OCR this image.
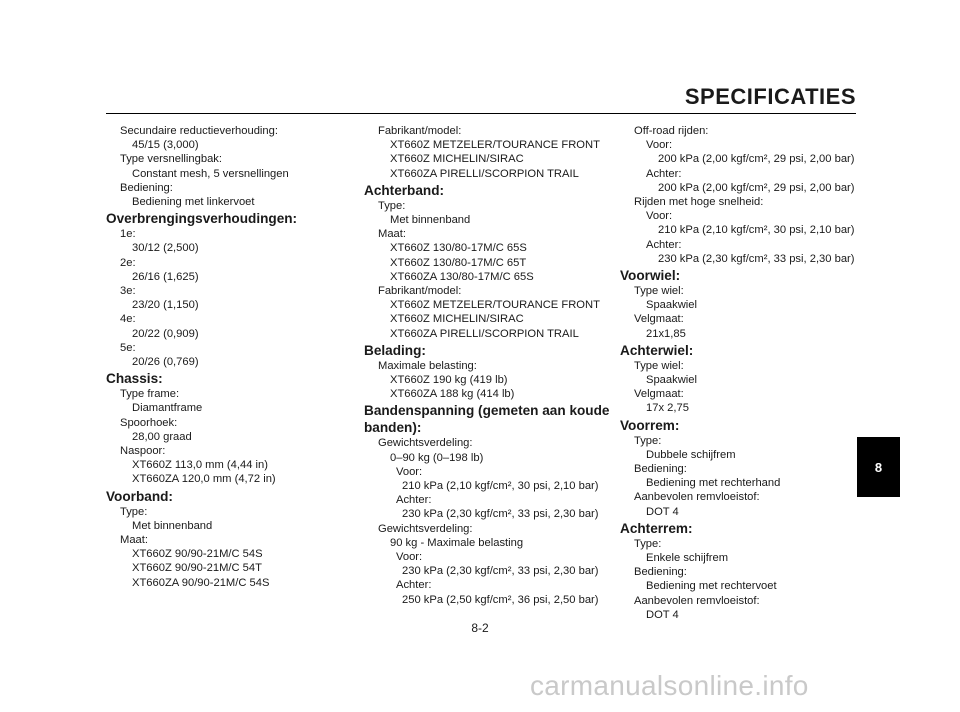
SPECIFICATIES
Secundaire reductieverhouding:
45/15 (3,000)
Type versnellingbak:
Constant mesh, 5 versnellingen
Bediening:
Bediening met linkervoet
Overbrengingsverhoudingen:
1e:
30/12 (2,500)
2e:
26/16 (1,625)
3e:
23/20 (1,150)
4e:
20/22 (0,909)
5e:
20/26 (0,769)
Chassis:
Type frame:
Diamantframe
Spoorhoek:
28,00 graad
Naspoor:
XT660Z 113,0 mm (4,44 in)
XT660ZA 120,0 mm (4,72 in)
Voorband:
Type:
Met binnenband
Maat:
XT660Z 90/90-21M/C 54S
XT660Z 90/90-21M/C 54T
XT660ZA 90/90-21M/C 54S
Fabrikant/model:
XT660Z METZELER/TOURANCE FRONT
XT660Z MICHELIN/SIRAC
XT660ZA PIRELLI/SCORPION TRAIL
Achterband:
Type:
Met binnenband
Maat:
XT660Z 130/80-17M/C 65S
XT660Z 130/80-17M/C 65T
XT660ZA 130/80-17M/C 65S
Fabrikant/model:
XT660Z METZELER/TOURANCE FRONT
XT660Z MICHELIN/SIRAC
XT660ZA PIRELLI/SCORPION TRAIL
Belading:
Maximale belasting:
XT660Z 190 kg (419 lb)
XT660ZA 188 kg (414 lb)
Bandenspanning (gemeten aan koude banden):
Gewichtsverdeling:
0–90 kg (0–198 lb)
Voor:
210 kPa (2,10 kgf/cm², 30 psi, 2,10 bar)
Achter:
230 kPa (2,30 kgf/cm², 33 psi, 2,30 bar)
Gewichtsverdeling:
90 kg - Maximale belasting
Voor:
230 kPa (2,30 kgf/cm², 33 psi, 2,30 bar)
Achter:
250 kPa (2,50 kgf/cm², 36 psi, 2,50 bar)
Off-road rijden:
Voor:
200 kPa (2,00 kgf/cm², 29 psi, 2,00 bar)
Achter:
200 kPa (2,00 kgf/cm², 29 psi, 2,00 bar)
Rijden met hoge snelheid:
Voor:
210 kPa (2,10 kgf/cm², 30 psi, 2,10 bar)
Achter:
230 kPa (2,30 kgf/cm², 33 psi, 2,30 bar)
Voorwiel:
Type wiel:
Spaakwiel
Velgmaat:
21x1,85
Achterwiel:
Type wiel:
Spaakwiel
Velgmaat:
17x 2,75
Voorrem:
Type:
Dubbele schijfrem
Bediening:
Bediening met rechterhand
Aanbevolen remvloeistof:
DOT 4
Achterrem:
Type:
Enkele schijfrem
Bediening:
Bediening met rechtervoet
Aanbevolen remvloeistof:
DOT 4
8-2
8
carmanualsonline.info
